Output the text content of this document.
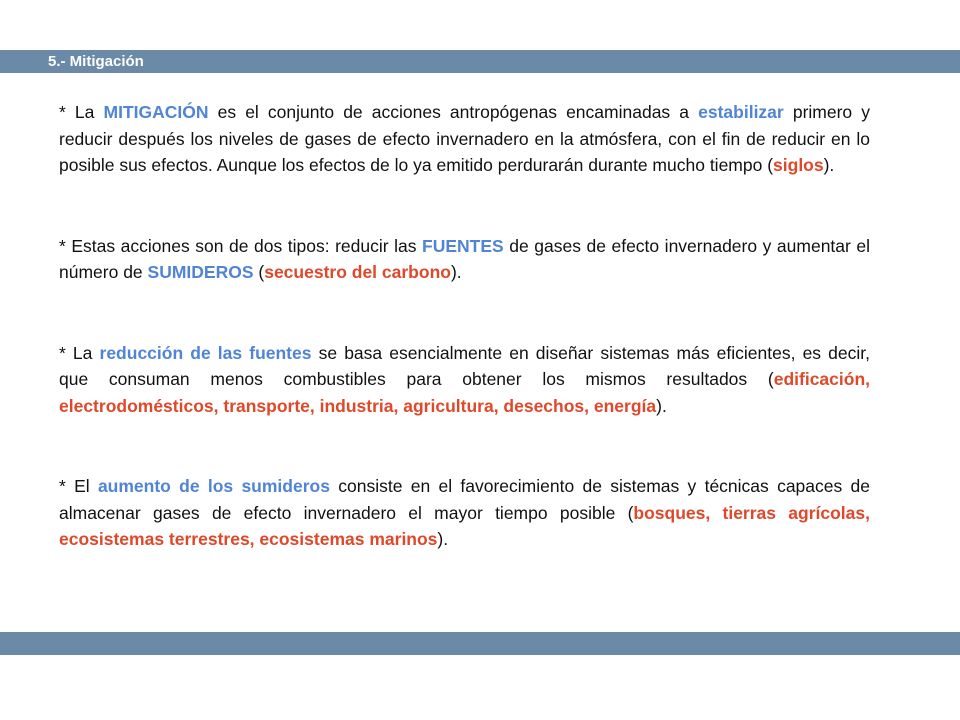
5.- Mitigación

* La MITIGACIÓN es el conjunto de acciones antropógenas encaminadas a estabilizar primero y reducir después los niveles de gases de efecto invernadero en la atmósfera, con el fin de reducir en lo posible sus efectos. Aunque los efectos de lo ya emitido perdurarán durante mucho tiempo (siglos).

* Estas acciones son de dos tipos: reducir las FUENTES de gases de efecto invernadero y aumentar el número de SUMIDEROS (secuestro del carbono).

* La reducción de las fuentes se basa esencialmente en diseñar sistemas más eficientes, es decir, que consuman menos combustibles para obtener los mismos resultados (edificación, electrodomésticos, transporte, industria, agricultura, desechos, energía).

* El aumento de los sumideros consiste en el favorecimiento de sistemas y técnicas capaces de almacenar gases de efecto invernadero el mayor tiempo posible (bosques, tierras agrícolas, ecosistemas terrestres, ecosistemas marinos).
